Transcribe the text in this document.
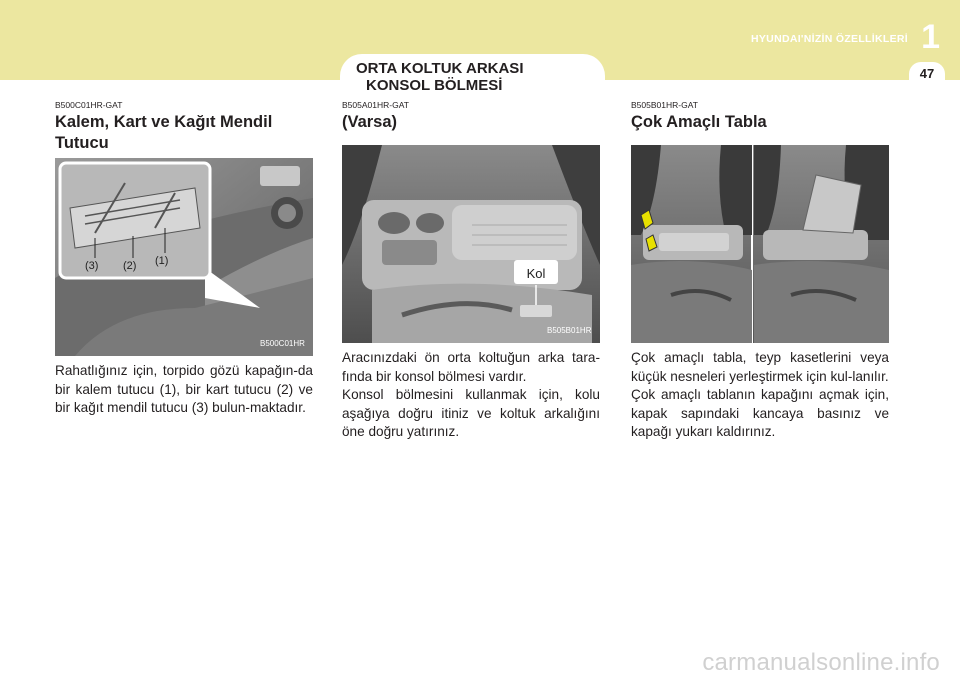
HYUNDAI'NİZİN ÖZELLİKLERİ 1
47
ORTA KOLTUK ARKASI
KONSOL BÖLMESİ

B500C01HR-GAT

Kalem, Kart ve Kağıt Mendil
Tutucu
(3) (2) (1)
B500C01HR

Rahatlığınız için, torpido gözü kapağın-da bir kalem tutucu (1), bir kart tutucu (2) ve bir kağıt mendil tutucu (3) bulun-maktadır.

B505A01HR-GAT

(Varsa)
Kol
B505B01HR

Aracınızdaki ön orta koltuğun arka tara-fında bir konsol bölmesi vardır.

Konsol bölmesini kullanmak için, kolu aşağıya doğru itiniz ve koltuk arkalığını öne doğru yatırınız.

B505B01HR-GAT

Çok Amaçlı Tabla

Çok amaçlı tabla, teyp kasetlerini veya küçük nesneleri yerleştirmek için kul-lanılır.

Çok amaçlı tablanın kapağını açmak için, kapak sapındaki kancaya basınız ve kapağı yukarı kaldırınız.

carmanualsonline.info
